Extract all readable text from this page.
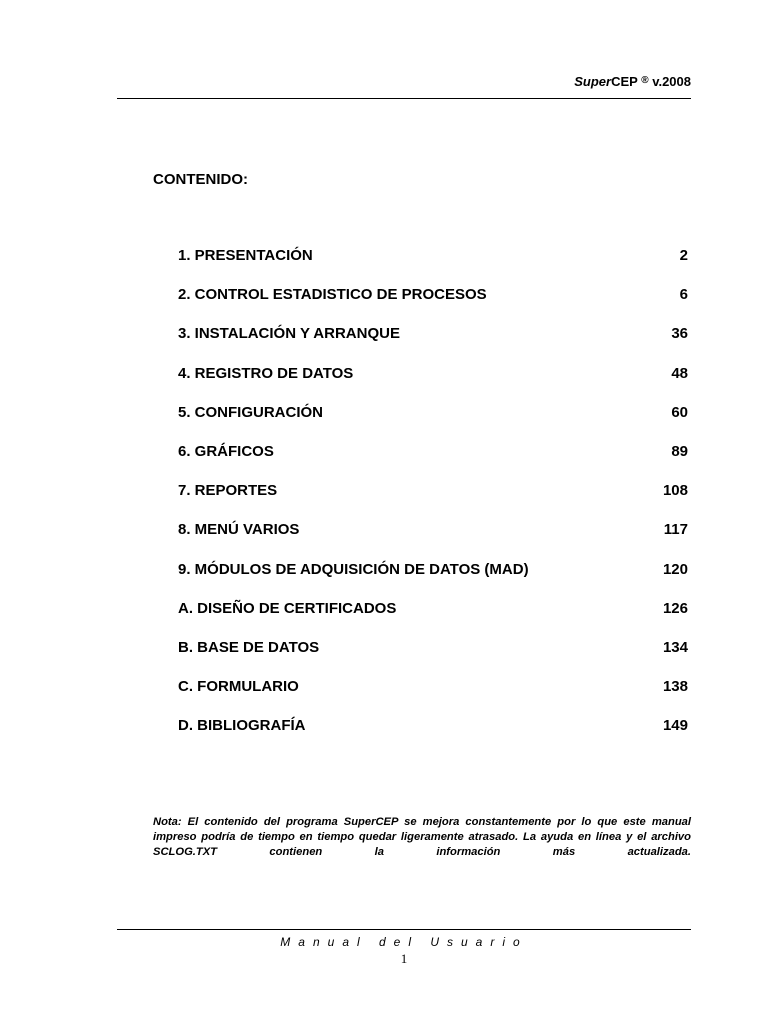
SuperCEP ® v.2008
CONTENIDO:
1. PRESENTACIÓN	2
2. CONTROL ESTADISTICO DE PROCESOS	6
3. INSTALACIÓN Y ARRANQUE	36
4. REGISTRO DE DATOS	48
5. CONFIGURACIÓN	60
6. GRÁFICOS	89
7. REPORTES	108
8. MENÚ VARIOS	117
9. MÓDULOS DE ADQUISICIÓN DE DATOS (MAD)	120
A. DISEÑO DE CERTIFICADOS	126
B. BASE DE DATOS	134
C. FORMULARIO	138
D. BIBLIOGRAFÍA	149
Nota: El contenido del programa SuperCEP se mejora constantemente por lo que este manual impreso podría de tiempo en tiempo quedar ligeramente atrasado. La ayuda en línea y el archivo SCLOG.TXT contienen la información más actualizada.
Manual del Usuario
1
